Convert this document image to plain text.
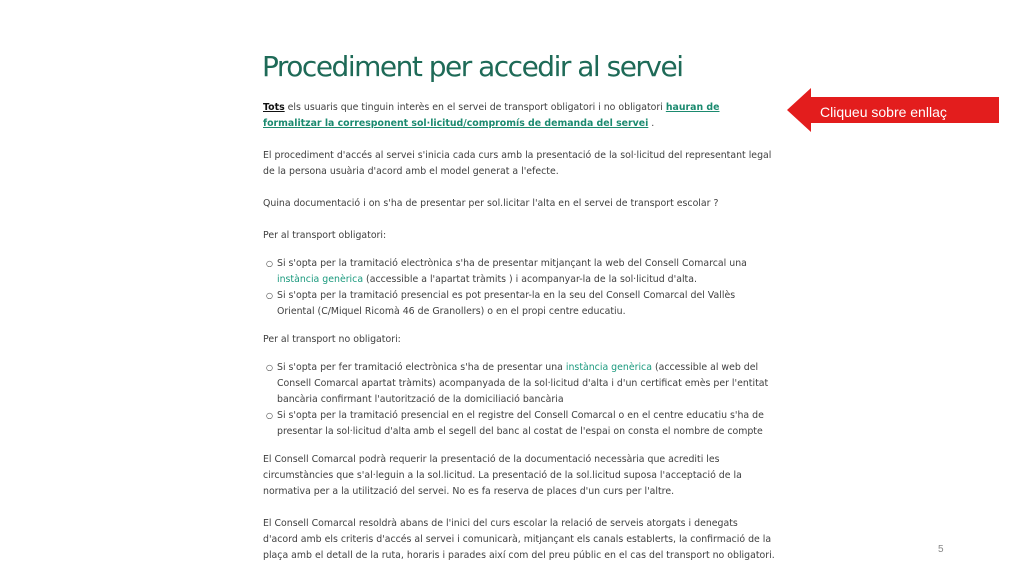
Procediment per accedir al servei

Tots els usuaris que tinguin interès en el servei de transport obligatori i no obligatori hauran de formalitzar la corresponent sol·licitud/compromís de demanda del servei .

El procediment d'accés al servei s'inicia cada curs amb la presentació de la sol·licitud del representant legal de la persona usuària d'acord amb el model generat a l'efecte.

Quina documentació i on s'ha de presentar per sol.licitar l'alta en el servei de transport escolar ?

Per al transport obligatori:

○ Si s'opta per la tramitació electrònica s'ha de presentar mitjançant la web del Consell Comarcal una instància genèrica (accessible a l'apartat tràmits ) i acompanyar-la de la sol·licitud d'alta.
○ Si s'opta per la tramitació presencial es pot presentar-la en la seu del Consell Comarcal del Vallès Oriental (C/Miquel Ricomà 46 de Granollers) o en el propi centre educatiu.

Per al transport no obligatori:

○ Si s'opta per fer tramitació electrònica s'ha de presentar una instància genèrica (accessible al web del Consell Comarcal apartat tràmits) acompanyada de la sol·licitud d'alta i d'un certificat emès per l'entitat bancària confirmant l'autorització de la domiciliació bancària
○ Si s'opta per la tramitació presencial en el registre del Consell Comarcal o en el centre educatiu s'ha de presentar la sol·licitud d'alta amb el segell del banc al costat de l'espai on consta el nombre de compte

El Consell Comarcal podrà requerir la presentació de la documentació necessària que acrediti les circumstàncies que s'al·leguin a la sol.licitud. La presentació de la sol.licitud suposa l'acceptació de la normativa per a la utilització del servei. No es fa reserva de places d'un curs per l'altre.

El Consell Comarcal resoldrà abans de l'inici del curs escolar la relació de serveis atorgats i denegats d'acord amb els criteris d'accés al servei i comunicarà, mitjançant els canals establerts, la confirmació de la plaça amb el detall de la ruta, horaris i parades així com del preu públic en el cas del transport no obligatori.

Cliqueu sobre enllaç
5
